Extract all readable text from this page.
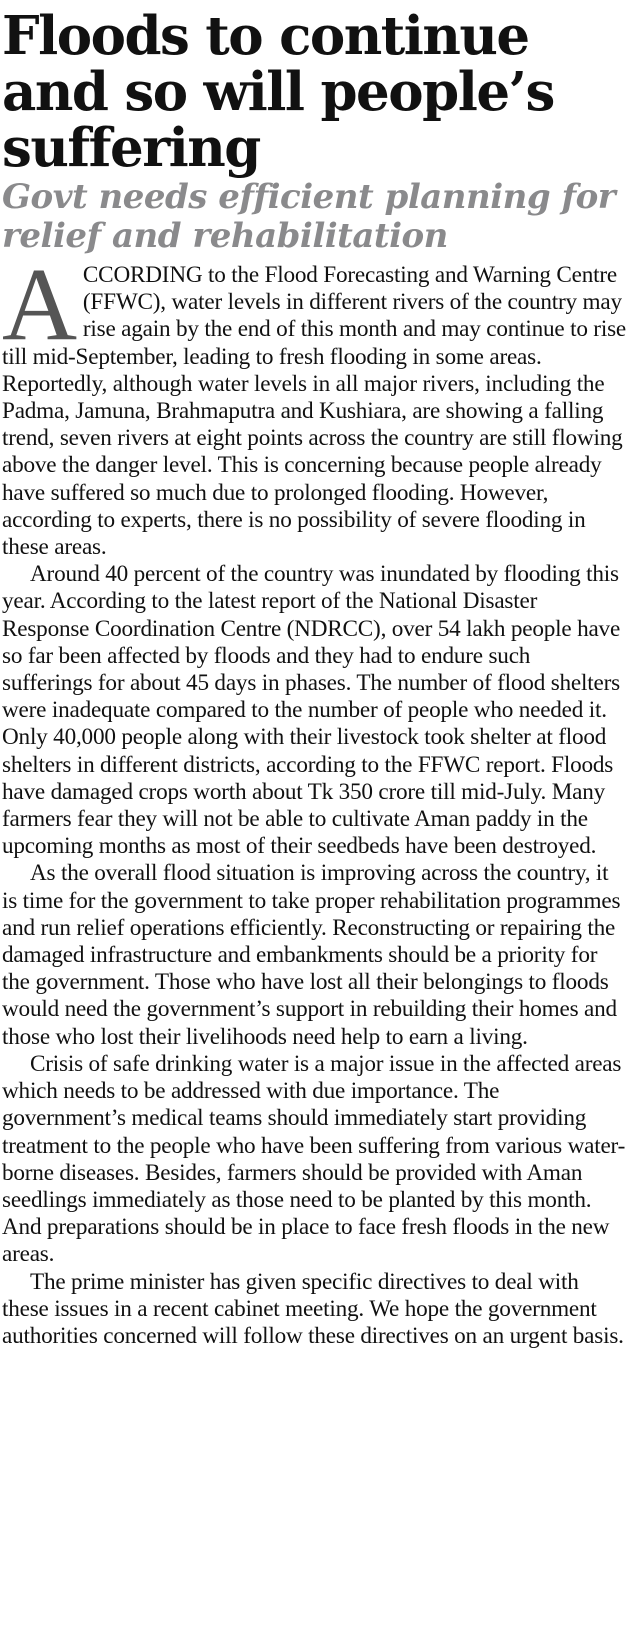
Floods to continue and so will people’s suffering
Govt needs efficient planning for relief and rehabilitation

ACCORDING to the Flood Forecasting and Warning Centre (FFWC), water levels in different rivers of the country may rise again by the end of this month and may continue to rise till mid-September, leading to fresh flooding in some areas. Reportedly, although water levels in all major rivers, including the Padma, Jamuna, Brahmaputra and Kushiara, are showing a falling trend, seven rivers at eight points across the country are still flowing above the danger level. This is concerning because people already have suffered so much due to prolonged flooding. However, according to experts, there is no possibility of severe flooding in these areas.

Around 40 percent of the country was inundated by flooding this year. According to the latest report of the National Disaster Response Coordination Centre (NDRCC), over 54 lakh people have so far been affected by floods and they had to endure such sufferings for about 45 days in phases. The number of flood shelters were inadequate compared to the number of people who needed it. Only 40,000 people along with their livestock took shelter at flood shelters in different districts, according to the FFWC report. Floods have damaged crops worth about Tk 350 crore till mid-July. Many farmers fear they will not be able to cultivate Aman paddy in the upcoming months as most of their seedbeds have been destroyed.

As the overall flood situation is improving across the country, it is time for the government to take proper rehabilitation programmes and run relief operations efficiently. Reconstructing or repairing the damaged infrastructure and embankments should be a priority for the government. Those who have lost all their belongings to floods would need the government’s support in rebuilding their homes and those who lost their livelihoods need help to earn a living.

Crisis of safe drinking water is a major issue in the affected areas which needs to be addressed with due importance. The government’s medical teams should immediately start providing treatment to the people who have been suffering from various water-borne diseases. Besides, farmers should be provided with Aman seedlings immediately as those need to be planted by this month. And preparations should be in place to face fresh floods in the new areas.

The prime minister has given specific directives to deal with these issues in a recent cabinet meeting. We hope the government authorities concerned will follow these directives on an urgent basis.
